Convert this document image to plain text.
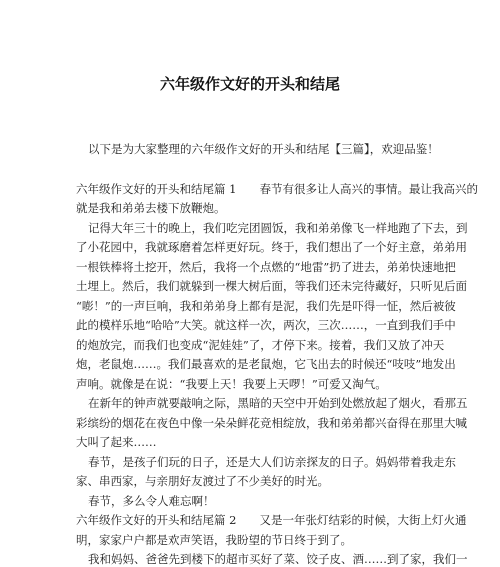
六年级作文好的开头和结尾
以下是为大家整理的六年级作文好的开头和结尾【三篇】，欢迎品鉴！
六年级作文好的开头和结尾篇 1　　春节有很多让人高兴的事情。最让我高兴的
就是我和弟弟去楼下放鞭炮。
记得大年三十的晚上，我们吃完团圆饭，我和弟弟像飞一样地跑了下去，到
了小花园中，我就琢磨着怎样更好玩。终于，我们想出了一个好主意，弟弟用
一根铁棒将土挖开，然后，我将一个点燃的“地雷”扔了进去，弟弟快速地把
土埋上。然后，我们就躲到一棵大树后面，等我们还未完待藏好，只听见后面
“嘭！”的一声巨响，我和弟弟身上都有是泥，我们先是吓得一怔，然后被彼
此的模样乐地“哈哈”大笑。就这样一次，两次，三次……，一直到我们手中
的炮放完，而我们也变成“泥娃娃”了，才停下来。接着，我们又放了冲天
炮，老鼠炮……。我们最喜欢的是老鼠炮，它飞出去的时候还“吱吱”地发出
声响。就像是在说：“我要上天！我要上天啰！”可爱又淘气。
在新年的钟声就要敲响之际，黑暗的天空中开始到处燃放起了烟火，看那五
彩缤纷的烟花在夜色中像一朵朵鲜花竞相绽放，我和弟弟都兴奋得在那里大喊
大叫了起来……
春节，是孩子们玩的日子，还是大人们访亲探友的日子。妈妈带着我走东
家、串西家，与亲朋好友渡过了不少美好的时光。
春节，多么令人难忘啊！
六年级作文好的开头和结尾篇 2　　又是一年张灯结彩的时候，大街上灯火通
明，家家户户都是欢声笑语，我盼望的节日终于到了。
我和妈妈、爸爸先到楼下的超市买好了菜、饺子皮、酒……到了家，我们一
